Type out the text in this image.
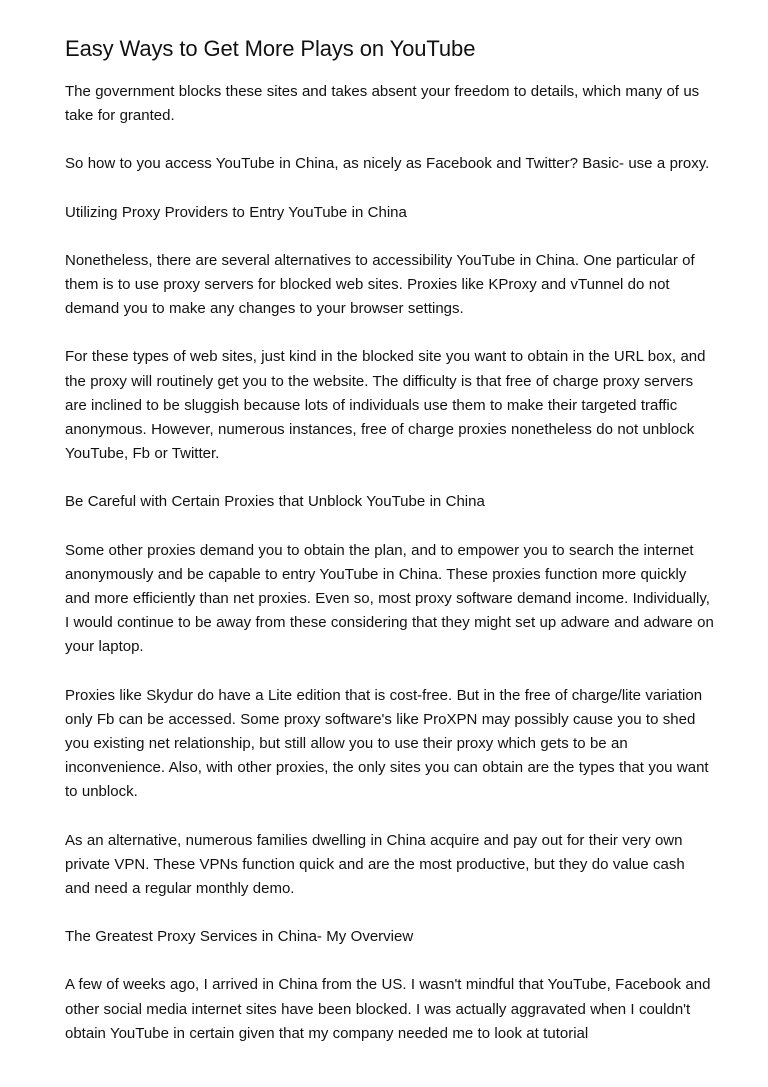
Easy Ways to Get More Plays on YouTube

The government blocks these sites and takes absent your freedom to details, which many of us take for granted.

So how to you access YouTube in China, as nicely as Facebook and Twitter? Basic- use a proxy.

Utilizing Proxy Providers to Entry YouTube in China

Nonetheless, there are several alternatives to accessibility YouTube in China. One particular of them is to use proxy servers for blocked web sites. Proxies like KProxy and vTunnel do not demand you to make any changes to your browser settings.

For these types of web sites, just kind in the blocked site you want to obtain in the URL box, and the proxy will routinely get you to the website. The difficulty is that free of charge proxy servers are inclined to be sluggish because lots of individuals use them to make their targeted traffic anonymous. However, numerous instances, free of charge proxies nonetheless do not unblock YouTube, Fb or Twitter.

Be Careful with Certain Proxies that Unblock YouTube in China

Some other proxies demand you to obtain the plan, and to empower you to search the internet anonymously and be capable to entry YouTube in China. These proxies function more quickly and more efficiently than net proxies. Even so, most proxy software demand income. Individually, I would continue to be away from these considering that they might set up adware and adware on your laptop.

Proxies like Skydur do have a Lite edition that is cost-free. But in the free of charge/lite variation only Fb can be accessed. Some proxy software's like ProXPN may possibly cause you to shed you existing net relationship, but still allow you to use their proxy which gets to be an inconvenience. Also, with other proxies, the only sites you can obtain are the types that you want to unblock.

As an alternative, numerous families dwelling in China acquire and pay out for their very own private VPN. These VPNs function quick and are the most productive, but they do value cash and need a regular monthly demo.

The Greatest Proxy Services in China- My Overview

A few of weeks ago, I arrived in China from the US. I wasn't mindful that YouTube, Facebook and other social media internet sites have been blocked. I was actually aggravated when I couldn't obtain YouTube in certain given that my company needed me to look at tutorial
